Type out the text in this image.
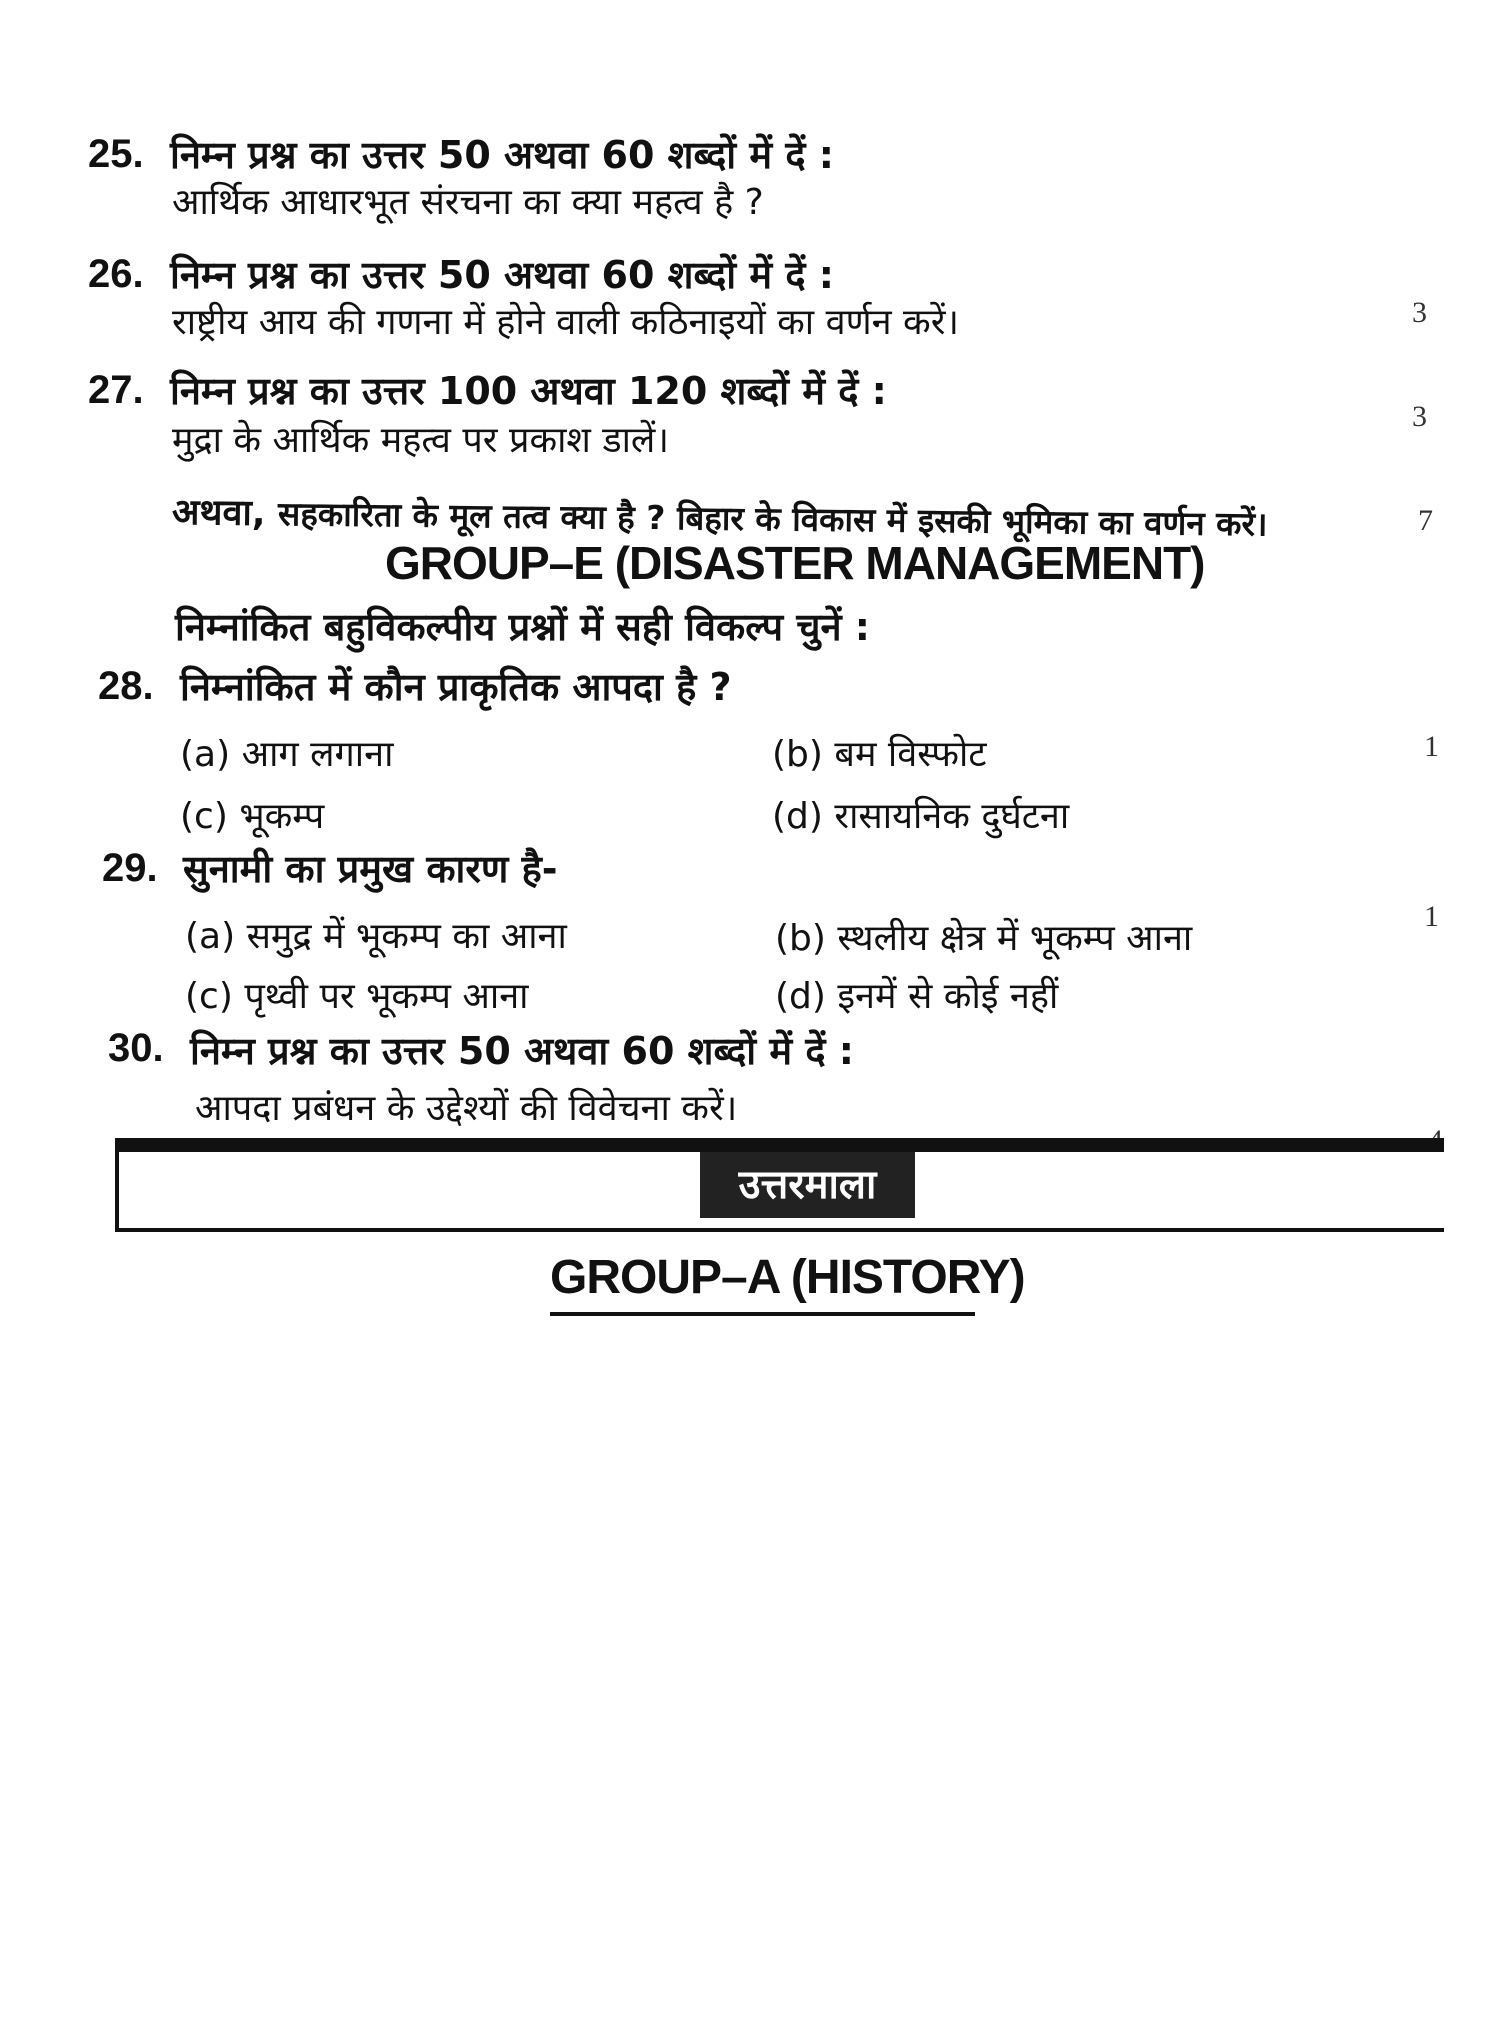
25. निम्न प्रश्न का उत्तर 50 अथवा 60 शब्दों में दें :
आर्थिक आधारभूत संरचना का क्या महत्व है ?
26. निम्न प्रश्न का उत्तर 50 अथवा 60 शब्दों में दें :
राष्ट्रीय आय की गणना में होने वाली कठिनाइयों का वर्णन करें।	3
27. निम्न प्रश्न का उत्तर 100 अथवा 120 शब्दों में दें :
मुद्रा के आर्थिक महत्व पर प्रकाश डालें।
3
अथवा, सहकारिता के मूल तत्व क्या है ? बिहार के विकास में इसकी भूमिका का वर्णन करें।	7
GROUP–E (DISASTER MANAGEMENT)
निम्नांकित बहुविकल्पीय प्रश्नों में सही विकल्प चुनें :
28. निम्नांकित में कौन प्राकृतिक आपदा है ?
(a) आग लगाना	(b) बम विस्फोट
(c) भूकम्प	(d) रासायनिक दुर्घटना
1
29. सुनामी का प्रमुख कारण है-
(a) समुद्र में भूकम्प का आना	(b) स्थलीय क्षेत्र में भूकम्प आना
(c) पृथ्वी पर भूकम्प आना	(d) इनमें से कोई नहीं
1
30. निम्न प्रश्न का उत्तर 50 अथवा 60 शब्दों में दें :
आपदा प्रबंधन के उद्देश्यों की विवेचना करें।
4
उत्तरमाला
GROUP–A (HISTORY)
